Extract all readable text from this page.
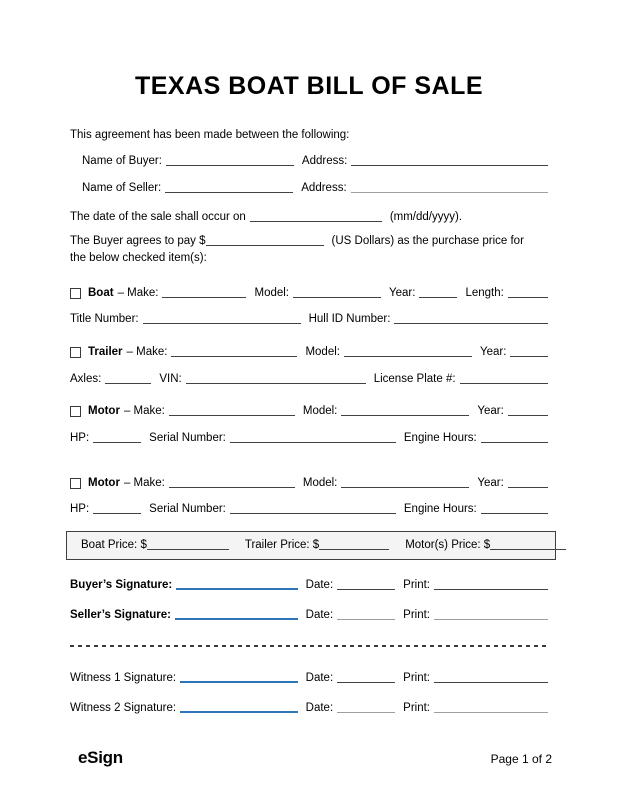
TEXAS BOAT BILL OF SALE
This agreement has been made between the following:
Name of Buyer:	Address:
Name of Seller:	Address:
The date of the sale shall occur on	(mm/dd/yyyy).
The Buyer agrees to pay $	(US Dollars) as the purchase price for

the below checked item(s):

Boat – Make:	Model:	Year:	Length:
Title Number:	Hull ID Number:
Trailer – Make:	Model:	Year:
Axles:	VIN:	License Plate #:
Motor – Make:	Model:	Year:
HP:	Serial Number:	Engine Hours:
Motor – Make:	Model:	Year:
HP:	Serial Number:	Engine Hours:
Boat Price: $	Trailer Price: $	Motor(s) Price: $
Buyer’s Signature:	Date:	Print:
Seller’s Signature:	Date:	Print:
Witness 1 Signature:	Date:	Print:
Witness 2 Signature:	Date:	Print:
eSign	Page 1 of 2
